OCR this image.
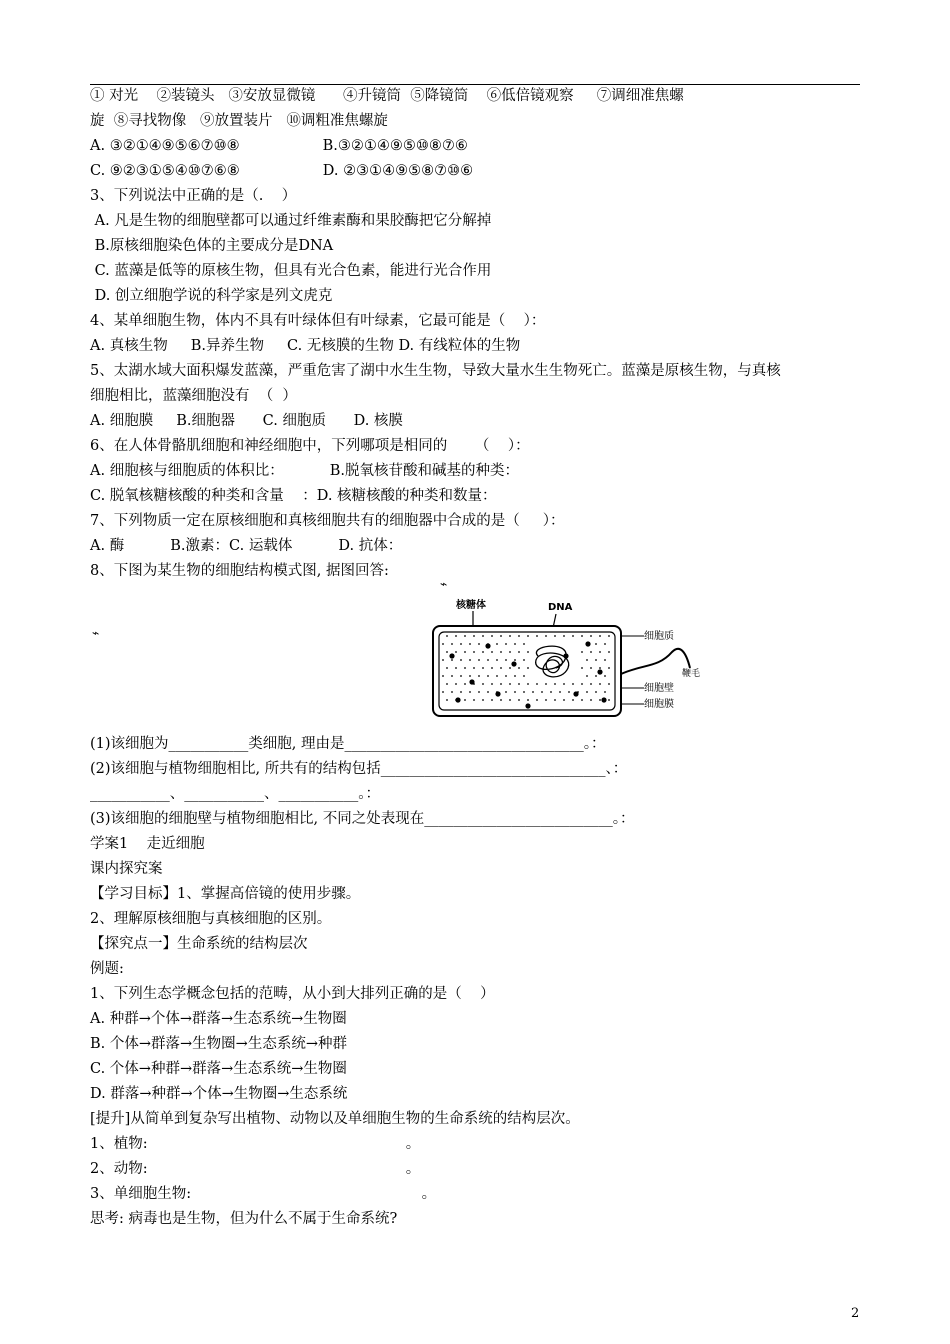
① 对光    ②装镜头   ③安放显微镜      ④升镜筒  ⑤降镜筒    ⑥低倍镜观察     ⑦调细准焦螺
旋  ⑧寻找物像   ⑨放置装片   ⑩调粗准焦螺旋
A. ③②①④⑨⑤⑥⑦⑩⑧                  B.③②①④⑨⑤⑩⑧⑦⑥
C. ⑨②③①⑤④⑩⑦⑥⑧                  D. ②③①④⑨⑤⑧⑦⑩⑥
3、下列说法中正确的是（.    ）
A. 凡是生物的细胞壁都可以通过纤维素酶和果胶酶把它分解掉
B.原核细胞染色体的主要成分是DNA
C. 蓝藻是低等的原核生物，但具有光合色素，能进行光合作用
D. 创立细胞学说的科学家是列文虎克
4、某单细胞生物，体内不具有叶绿体但有叶绿素，它最可能是（    ）：
A. 真核生物     B.异养生物     C. 无核膜的生物 D. 有线粒体的生物
5、太湖水域大面积爆发蓝藻，严重危害了湖中水生生物，导致大量水生生物死亡。蓝藻是原核生物，与真核
细胞相比，蓝藻细胞没有  （  ）
A. 细胞膜     B.细胞器      C. 细胞质      D. 核膜
6、在人体骨骼肌细胞和神经细胞中，下列哪项是相同的      （    ）：
A. 细胞核与细胞质的体积比：          B.脱氧核苷酸和碱基的种类：
C. 脱氧核糖核酸的种类和含量    ：D. 核糖核酸的种类和数量：
7、下列物质一定在原核细胞和真核细胞共有的细胞器中合成的是（     ）：
A. 酶          B.激素：C. 运载体          D. 抗体：
8、下图为某生物的细胞结构模式图, 据图回答:
(1)该细胞为___________类细胞, 理由是_________________________________。：
(2)该细胞与植物细胞相比, 所共有的结构包括_______________________________、：
___________、___________、___________。：
(3)该细胞的细胞壁与植物细胞相比, 不同之处表现在__________________________。：
学案1    走近细胞
课内探究案
【学习目标】1、掌握高倍镜的使用步骤。
2、理解原核细胞与真核细胞的区别。
【探究点一】生命系统的结构层次
例题:
1、下列生态学概念包括的范畴，从小到大排列正确的是（    ）
A. 种群→个体→群落→生态系统→生物圈
B. 个体→群落→生物圈→生态系统→种群
C. 个体→种群→群落→生态系统→生物圈
D. 群落→种群→个体→生物圈→生态系统
[提升]从简单到复杂写出植物、动物以及单细胞生物的生命系统的结构层次。
1、植物:                                                        。
2、动物:                                                        。
3、单细胞生物:                                                  。
思考: 病毒也是生物，但为什么不属于生命系统?
⌁
⌁
核糖体	DNA
细胞质
鞭毛
细胞壁
细胞膜
2
